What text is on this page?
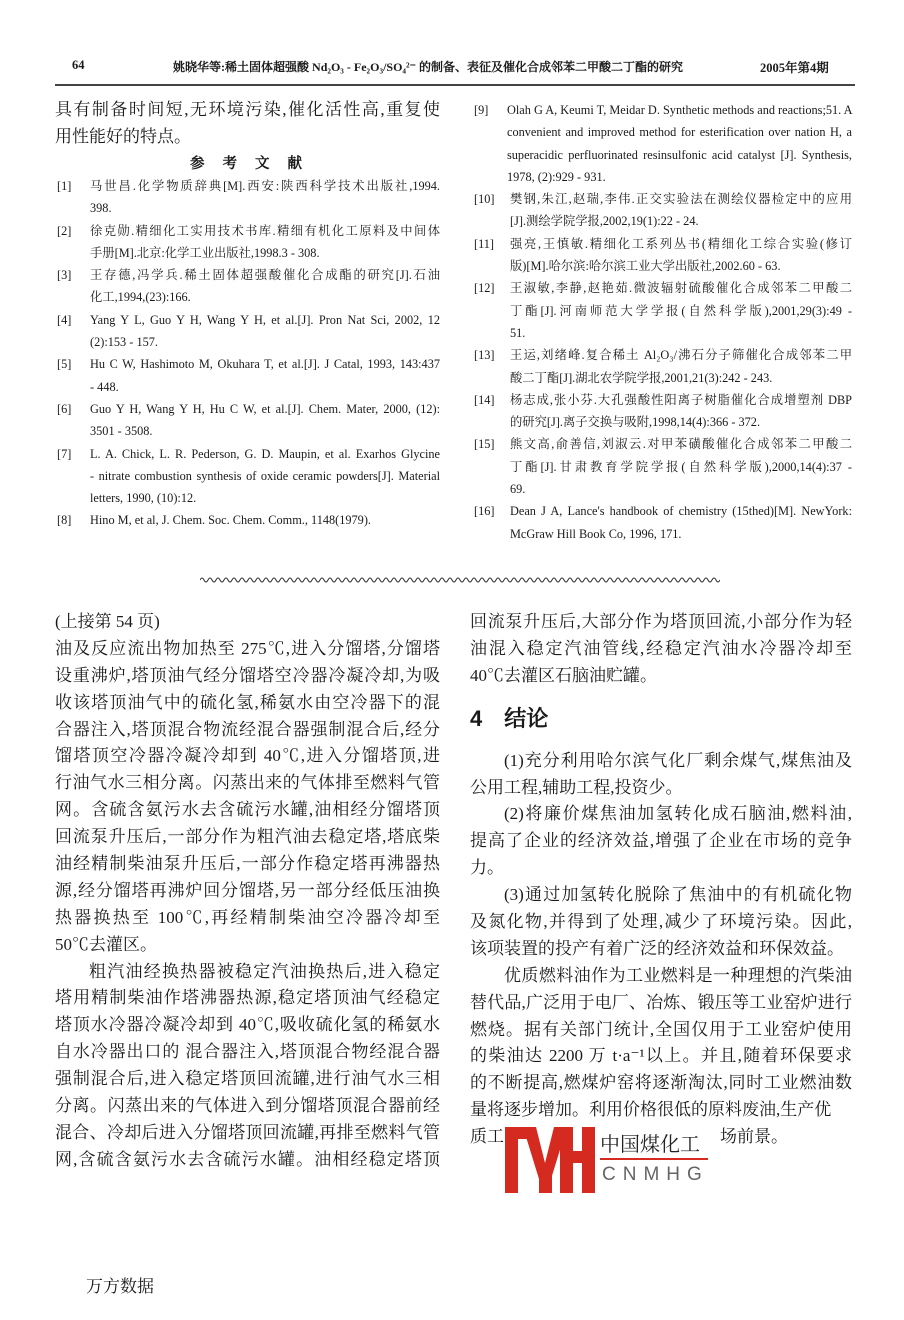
64	姚晓华等:稀土固体超强酸 Nd₂O₃ - Fe₂O₃/SO₄²⁻ 的制备、表征及催化合成邻苯二甲酸二丁酯的研究	2005年第4期
具有制备时间短,无环境污染,催化活性高,重复使
用性能好的特点。
参考文献
[1] 马世昌.化学物质辞典[M].西安:陕西科学技术出版社,1994.
398.
[2] 徐克勋.精细化工实用技术书库.精细有机化工原料及中间体
手册[M].北京:化学工业出版社,1998.3 - 308.
[3] 王存德,冯学兵.稀土固体超强酸催化合成酯的研究[J].石油
化工,1994,(23):166.
[4] Yang Y L, Guo Y H, Wang Y H, et al.[J]. Pron Nat Sci, 2002, 12
(2):153 - 157.
[5] Hu C W, Hashimoto M, Okuhara T, et al.[J]. J Catal, 1993, 143:437
- 448.
[6] Guo Y H, Wang Y H, Hu C W, et al.[J]. Chem. Mater, 2000, (12):
3501 - 3508.
[7] L. A. Chick, L. R. Pederson, G. D. Maupin, et al. Exarhos Glycine
- nitrate combustion synthesis of oxide ceramic powders[J]. Material
letters, 1990, (10):12.
[8] Hino M, et al, J. Chem. Soc. Chem. Comm., 1148(1979).
[9] Olah G A, Keumi T, Meidar D. Synthetic methods and reactions;51. A
convenient and improved method for esterification over nation H, a
superacidic perfluorinated resinsulfonic acid catalyst [J]. Synthesis,
1978, (2):929 - 931.
[10] 樊钢,朱江,赵瑞,李伟.正交实验法在测绘仪器检定中的应用
[J].测绘学院学报,2002,19(1):22 - 24.
[11] 强亮,王慎敏.精细化工系列丛书(精细化工综合实验(修订
版)[M].哈尔滨:哈尔滨工业大学出版社,2002.60 - 63.
[12] 王淑敏,李静,赵艳茹.微波辐射硫酸催化合成邻苯二甲酸二
丁酯[J].河南师范大学学报(自然科学版),2001,29(3):49 -
51.
[13] 王运,刘绪峰.复合稀土 Al₂O₃/沸石分子筛催化合成邻苯二甲
酸二丁酯[J].湖北农学院学报,2001,21(3):242 - 243.
[14] 杨志成,张小芬.大孔强酸性阳离子树脂催化合成增塑剂 DBP
的研究[J].离子交换与吸附,1998,14(4):366 - 372.
[15] 熊文高,俞善信,刘淑云.对甲苯磺酸催化合成邻苯二甲酸二
丁酯[J].甘肃教育学院学报(自然科学版),2000,14(4):37 -
69.
[16] Dean J A, Lance's handbook of chemistry (15thed)[M]. NewYork:
McGraw Hill Book Co, 1996, 171.
(上接第 54 页)
油及反应流出物加热至 275℃,进入分馏塔,分馏塔
设重沸炉,塔顶油气经分馏塔空冷器冷凝冷却,为吸
收该塔顶油气中的硫化氢,稀氨水由空冷器下的混
合器注入,塔顶混合物流经混合器强制混合后,经分
馏塔顶空冷器冷凝冷却到 40℃,进入分馏塔顶,进
行油气水三相分离。闪蒸出来的气体排至燃料气管
网。含硫含氨污水去含硫污水罐,油相经分馏塔顶
回流泵升压后,一部分作为粗汽油去稳定塔,塔底柴
油经精制柴油泵升压后,一部分作稳定塔再沸器热
源,经分馏塔再沸炉回分馏塔,另一部分经低压油换
热器换热至 100℃,再经精制柴油空冷器冷却至
50℃去灌区。
粗汽油经换热器被稳定汽油换热后,进入稳定
塔用精制柴油作塔沸器热源,稳定塔顶油气经稳定
塔顶水冷器冷凝冷却到 40℃,吸收硫化氢的稀氨水
自水冷器出口的 混合器注入,塔顶混合物经混合器
强制混合后,进入稳定塔顶回流罐,进行油气水三相
分离。闪蒸出来的气体进入到分馏塔顶混合器前经
混合、冷却后进入分馏塔顶回流罐,再排至燃料气管
网,含硫含氨污水去含硫污水罐。油相经稳定塔顶
回流泵升压后,大部分作为塔顶回流,小部分作为轻
油混入稳定汽油管线,经稳定汽油水冷器冷却至
40℃去灌区石脑油贮罐。
4 结论
(1)充分利用哈尔滨气化厂剩余煤气,煤焦油及
公用工程,辅助工程,投资少。
(2)将廉价煤焦油加氢转化成石脑油,燃料油,
提高了企业的经济效益,增强了企业在市场的竞争
力。
(3)通过加氢转化脱除了焦油中的有机硫化物
及氮化物,并得到了处理,减少了环境污染。因此,
该项装置的投产有着广泛的经济效益和环保效益。
优质燃料油作为工业燃料是一种理想的汽柴油
替代品,广泛用于电厂、冶炼、锻压等工业窑炉进行
燃烧。据有关部门统计,全国仅用于工业窑炉使用
的柴油达 2200 万 t·a⁻¹以上。并且,随着环保要求
的不断提高,燃煤炉窑将逐渐淘汰,同时工业燃油数
量将逐步增加。利用价格很低的原料废油,生产优
质工	场前景。
中国煤化工
CNMHG
万方数据
